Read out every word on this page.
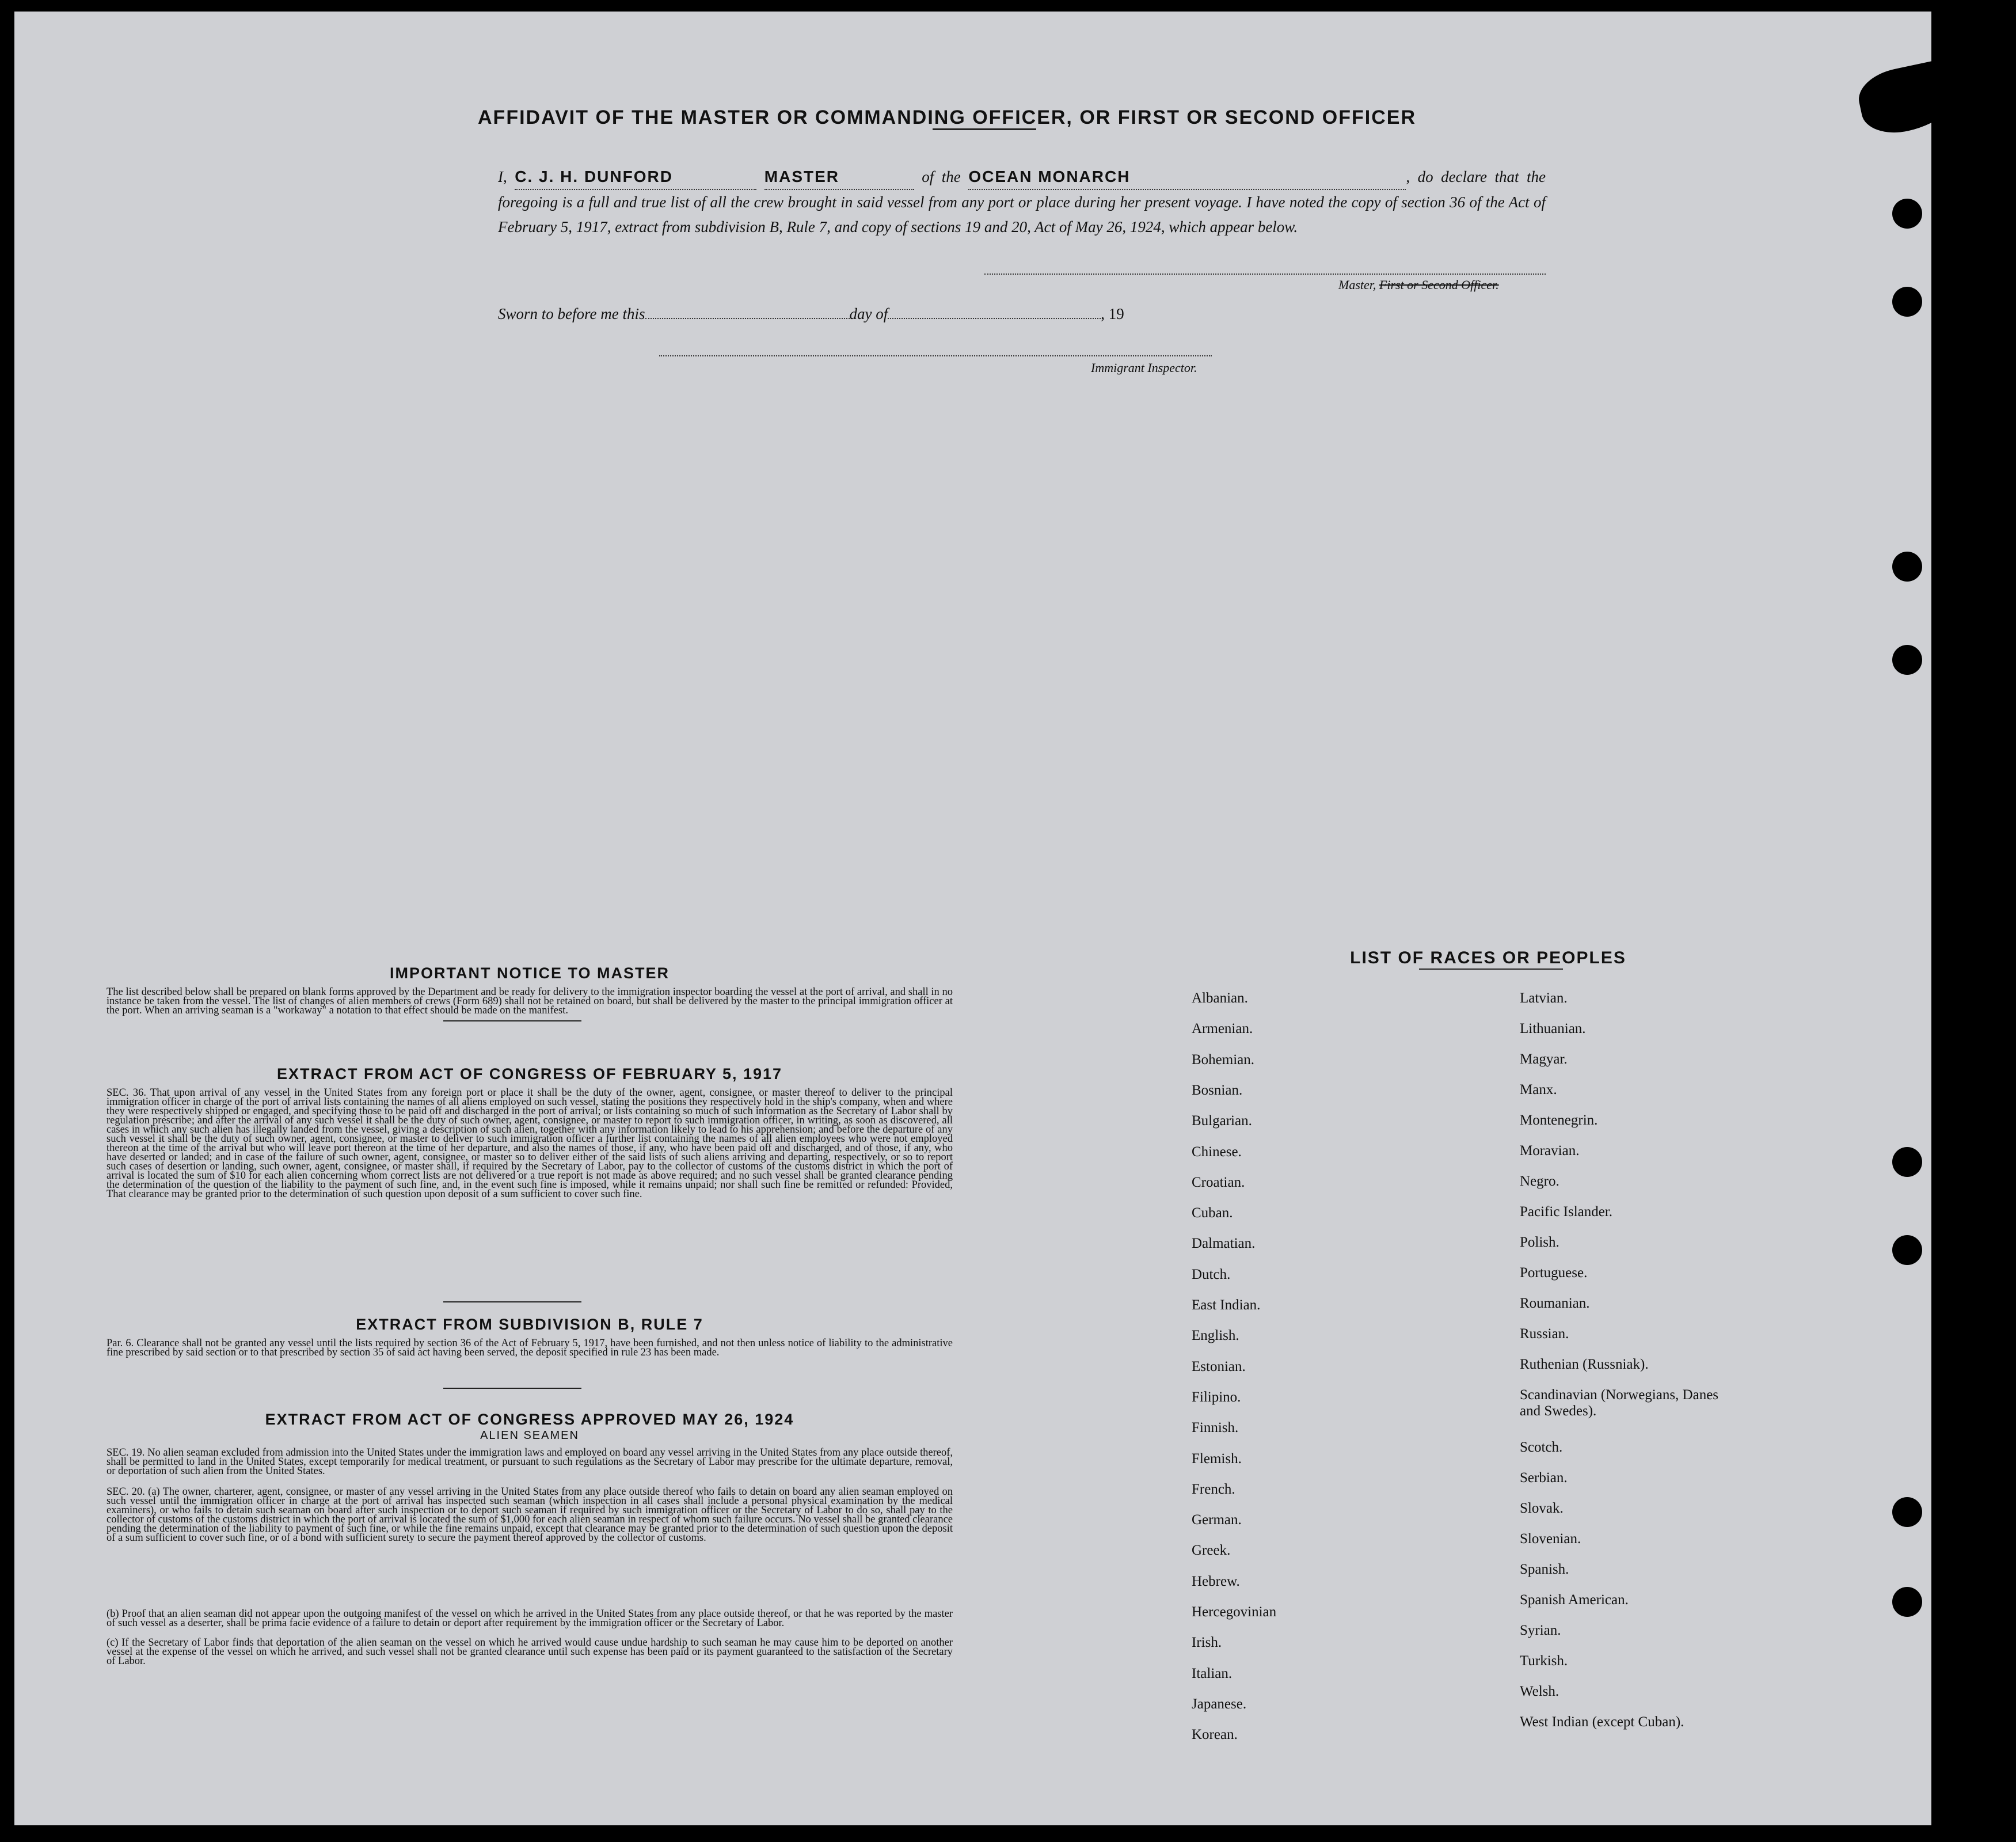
AFFIDAVIT OF THE MASTER OR COMMANDING OFFICER, OR FIRST OR SECOND OFFICER
I, C. J. H. DUNFORD	MASTER	of the OCEAN MONARCH	, do declare that the foregoing is a full and true list of all the crew brought in said vessel from any port or place during her present voyage. I have noted the copy of section 36 of the Act of February 5, 1917, extract from subdivision B, Rule 7, and copy of sections 19 and 20, Act of May 26, 1924, which appear below.
Master, First or Second Officer.
Sworn to before me this	day of	, 19
Immigrant Inspector.
IMPORTANT NOTICE TO MASTER
The list described below shall be prepared on blank forms approved by the Department and be ready for delivery to the immigration inspector boarding the vessel at the port of arrival, and shall in no instance be taken from the vessel. The list of changes of alien members of crews (Form 689) shall not be retained on board, but shall be delivered by the master to the principal immigration officer at the port. When an arriving seaman is a "workaway" a notation to that effect should be made on the manifest.
EXTRACT FROM ACT OF CONGRESS OF FEBRUARY 5, 1917
SEC. 36. That upon arrival of any vessel in the United States from any foreign port or place it shall be the duty of the owner, agent, consignee, or master thereof to deliver to the principal immigration officer in charge of the port of arrival lists containing the names of all aliens employed on such vessel, stating the positions they respectively hold in the ship's company, when and where they were respectively shipped or engaged, and specifying those to be paid off and discharged in the port of arrival; or lists containing so much of such information as the Secretary of Labor shall by regulation prescribe; and after the arrival of any such vessel it shall be the duty of such owner, agent, consignee, or master to report to such immigration officer, in writing, as soon as discovered, all cases in which any such alien has illegally landed from the vessel, giving a description of such alien, together with any information likely to lead to his apprehension; and before the departure of any such vessel it shall be the duty of such owner, agent, consignee, or master to deliver to such immigration officer a further list containing the names of all alien employees who were not employed thereon at the time of the arrival but who will leave port thereon at the time of her departure, and also the names of those, if any, who have been paid off and discharged, and of those, if any, who have deserted or landed; and in case of the failure of such owner, agent, consignee, or master so to deliver either of the said lists of such aliens arriving and departing, respectively, or so to report such cases of desertion or landing, such owner, agent, consignee, or master shall, if required by the Secretary of Labor, pay to the collector of customs of the customs district in which the port of arrival is located the sum of $10 for each alien concerning whom correct lists are not delivered or a true report is not made as above required; and no such vessel shall be granted clearance pending the determination of the question of the liability to the payment of such fine, and, in the event such fine is imposed, while it remains unpaid; nor shall such fine be remitted or refunded: Provided, That clearance may be granted prior to the determination of such question upon deposit of a sum sufficient to cover such fine.
EXTRACT FROM SUBDIVISION B, RULE 7
Par. 6. Clearance shall not be granted any vessel until the lists required by section 36 of the Act of February 5, 1917, have been furnished, and not then unless notice of liability to the administrative fine prescribed by said section or to that prescribed by section 35 of said act having been served, the deposit specified in rule 23 has been made.
EXTRACT FROM ACT OF CONGRESS APPROVED MAY 26, 1924
ALIEN SEAMEN
SEC. 19. No alien seaman excluded from admission into the United States under the immigration laws and employed on board any vessel arriving in the United States from any place outside thereof, shall be permitted to land in the United States, except temporarily for medical treatment, or pursuant to such regulations as the Secretary of Labor may prescribe for the ultimate departure, removal, or deportation of such alien from the United States.
SEC. 20. (a) The owner, charterer, agent, consignee, or master of any vessel arriving in the United States from any place outside thereof who fails to detain on board any alien seaman employed on such vessel until the immigration officer in charge at the port of arrival has inspected such seaman (which inspection in all cases shall include a personal physical examination by the medical examiners), or who fails to detain such seaman on board after such inspection or to deport such seaman if required by such immigration officer or the Secretary of Labor to do so, shall pay to the collector of customs of the customs district in which the port of arrival is located the sum of $1,000 for each alien seaman in respect of whom such failure occurs. No vessel shall be granted clearance pending the determination of the liability to payment of such fine, or while the fine remains unpaid, except that clearance may be granted prior to the determination of such question upon the deposit of a sum sufficient to cover such fine, or of a bond with sufficient surety to secure the payment thereof approved by the collector of customs.
(b) Proof that an alien seaman did not appear upon the outgoing manifest of the vessel on which he arrived in the United States from any place outside thereof, or that he was reported by the master of such vessel as a deserter, shall be prima facie evidence of a failure to detain or deport after requirement by the immigration officer or the Secretary of Labor.
(c) If the Secretary of Labor finds that deportation of the alien seaman on the vessel on which he arrived would cause undue hardship to such seaman he may cause him to be deported on another vessel at the expense of the vessel on which he arrived, and such vessel shall not be granted clearance until such expense has been paid or its payment guaranteed to the satisfaction of the Secretary of Labor.
LIST OF RACES OR PEOPLES
Albanian.
Armenian.
Bohemian.
Bosnian.
Bulgarian.
Chinese.
Croatian.
Cuban.
Dalmatian.
Dutch.
East Indian.
English.
Estonian.
Filipino.
Finnish.
Flemish.
French.
German.
Greek.
Hebrew.
Hercegovinian
Irish.
Italian.
Japanese.
Korean.
Latvian.
Lithuanian.
Magyar.
Manx.
Montenegrin.
Moravian.
Negro.
Pacific Islander.
Polish.
Portuguese.
Roumanian.
Russian.
Ruthenian (Russniak).
Scandinavian (Norwegians, Danes and Swedes).
Scotch.
Serbian.
Slovak.
Slovenian.
Spanish.
Spanish American.
Syrian.
Turkish.
Welsh.
West Indian (except Cuban).
